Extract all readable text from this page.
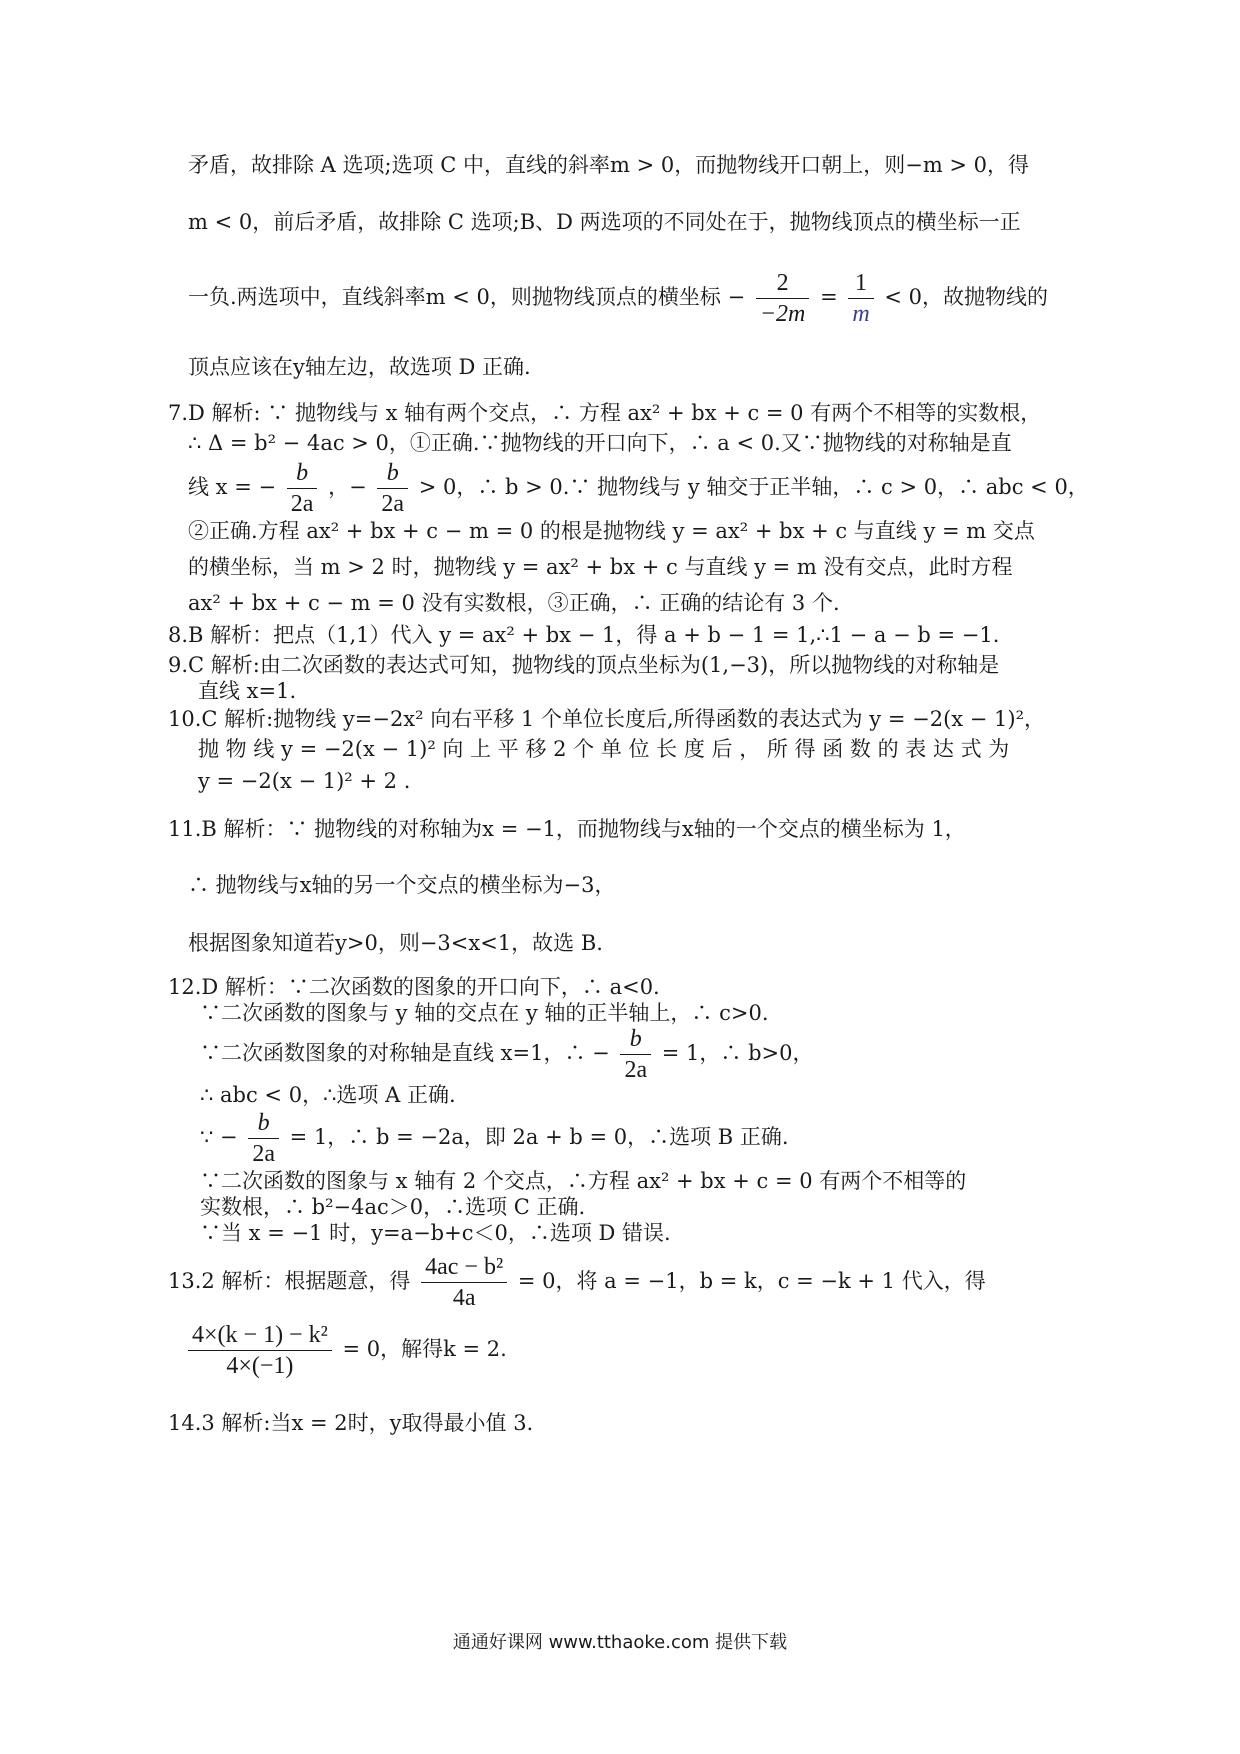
矛盾，故排除 A 选项;选项 C 中，直线的斜率m > 0，而抛物线开口朝上，则−m > 0，得
m < 0，前后矛盾，故排除 C 选项;B、D 两选项的不同处在于，抛物线顶点的横坐标一正
一负.两选项中，直线斜率m < 0，则抛物线顶点的横坐标 − $\frac{2}{-2m} = \frac{1}{m} < 0$，故抛物线的
顶点应该在y轴左边，故选项 D 正确.
7.D 解析: ∵ 抛物线与 x 轴有两个交点，∴ 方程 ax² + bx + c = 0 有两个不相等的实数根，
∴ Δ = b² − 4ac > 0，①正确.∵抛物线的开口向下，∴ a < 0.又∵抛物线的对称轴是直
线 x = − $\frac{b}{2a}$ ，− $\frac{b}{2a} > 0$，∴ b > 0.∵ 抛物线与 y 轴交于正半轴，∴ c > 0，∴ abc < 0，
②正确.方程 ax² + bx + c − m = 0 的根是抛物线 y = ax² + bx + c 与直线 y = m 交点
的横坐标，当 m > 2 时，抛物线 y = ax² + bx + c 与直线 y = m 没有交点，此时方程
ax² + bx + c − m = 0 没有实数根，③正确，∴ 正确的结论有 3 个.
8.B 解析：把点（1,1）代入 y = ax² + bx − 1，得 a + b − 1 = 1,∴1 − a − b = −1.
9.C 解析:由二次函数的表达式可知，抛物线的顶点坐标为(1,−3)，所以抛物线的对称轴是
直线 x=1.
10.C 解析:抛物线 y=−2x² 向右平移 1 个单位长度后,所得函数的表达式为 y = −2(x − 1)²，
抛 物 线 y = −2(x − 1)² 向 上 平 移 2 个 单 位 长 度 后 ， 所 得 函 数 的 表 达 式 为
y = −2(x − 1)² + 2 .
11.B 解析：∵ 抛物线的对称轴为x = −1，而抛物线与x轴的一个交点的横坐标为 1，
∴ 抛物线与x轴的另一个交点的横坐标为−3，
根据图象知道若y>0，则−3<x<1，故选 B.
12.D 解析：∵二次函数的图象的开口向下，∴ a<0.
∵二次函数的图象与 y 轴的交点在 y 轴的正半轴上，∴ c>0.
∵二次函数图象的对称轴是直线 x=1，∴ − $\frac{b}{2a} = 1$，∴ b>0，
∴ abc < 0，∴选项 A 正确.
∵ − $\frac{b}{2a} = 1$，∴ b = −2a，即 2a + b = 0，∴选项 B 正确.
∵二次函数的图象与 x 轴有 2 个交点，∴方程 ax² + bx + c = 0 有两个不相等的
实数根，∴ b²−4ac＞0，∴选项 C 正确.
∵当 x = −1 时，y=a−b+c＜0，∴选项 D 错误.
13.2 解析：根据题意，得 $\frac{\text{4ac − b²}}{4a} = 0$，将 a = −1，b = k，c = −k + 1 代入，得
$\frac{\text{4×(k − 1) − k²}}{4\times(-1)} = 0$，解得k = 2.
14.3 解析:当x = 2时，y取得最小值 3.
通通好课网 www.tthaoke.com 提供下载
